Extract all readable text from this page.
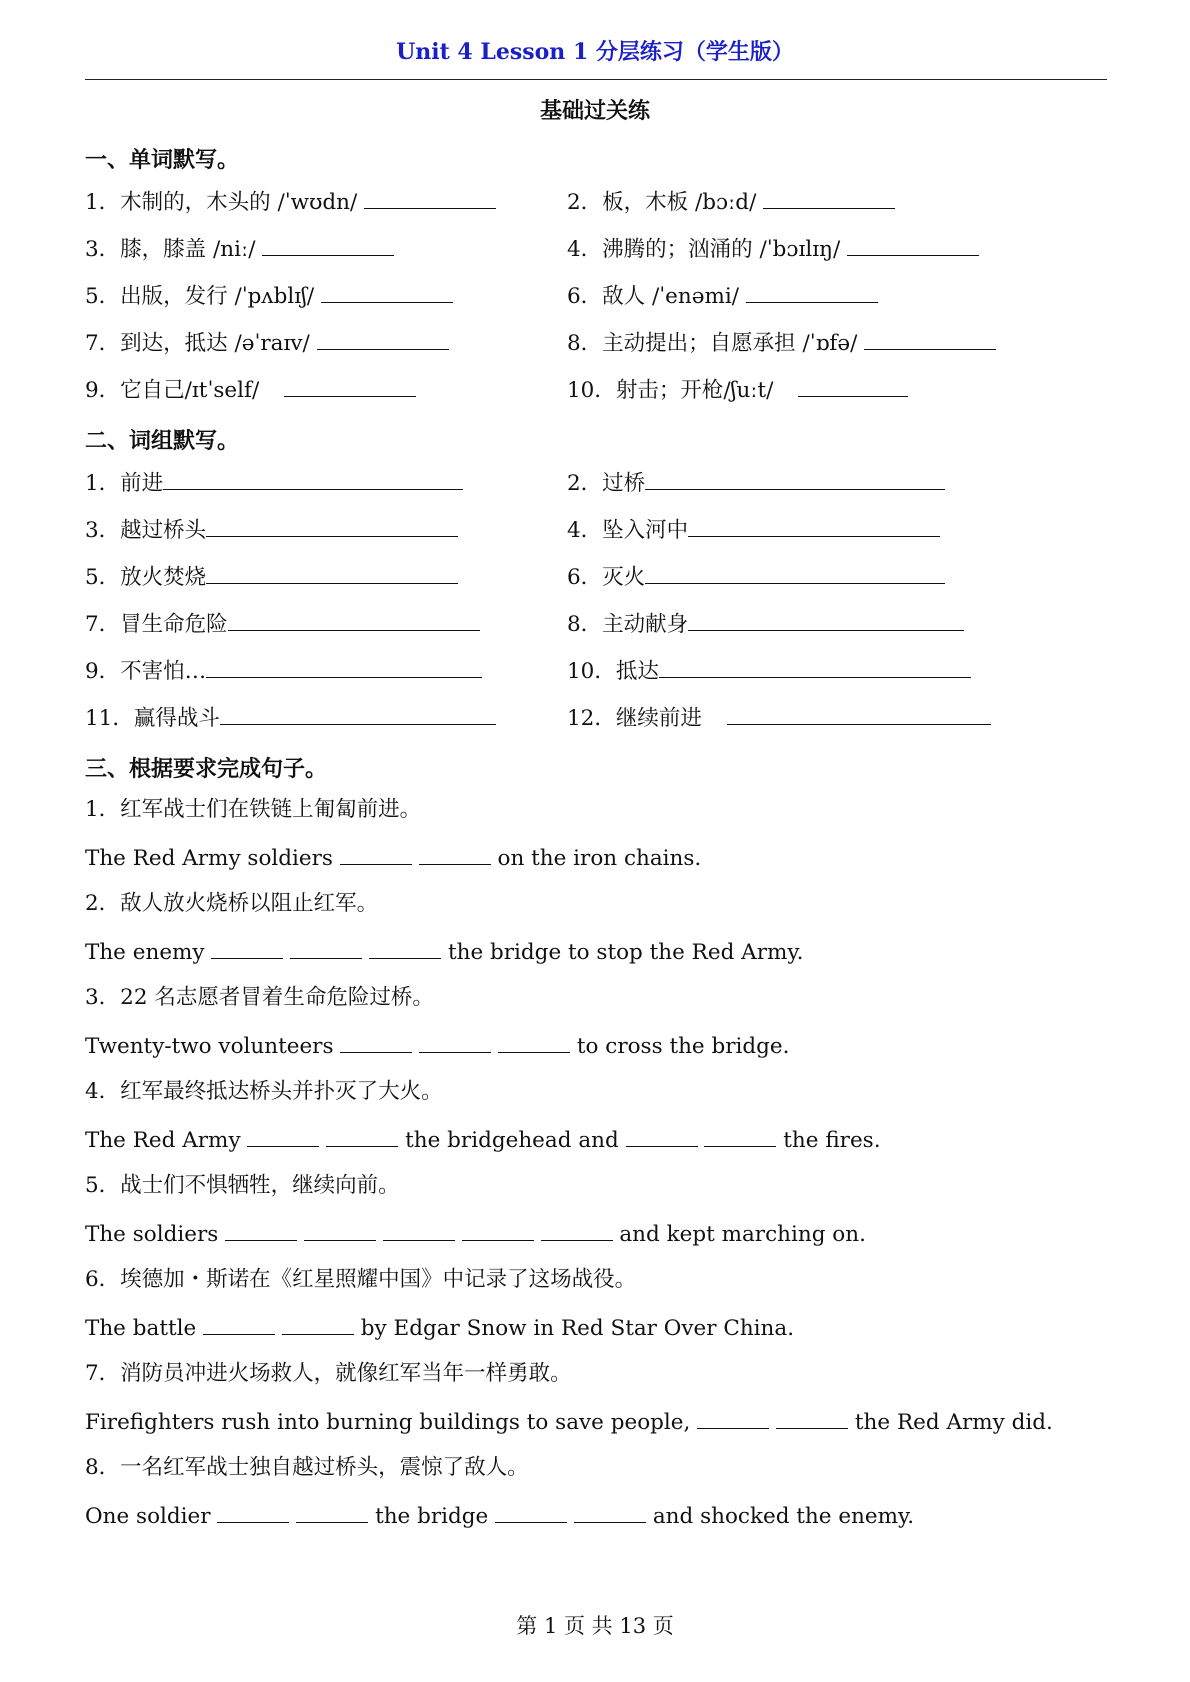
Unit 4 Lesson 1 分层练习（学生版）
基础过关练
一、单词默写。
1．木制的，木头的 /ˈwʊdn/	2．板，木板 /bɔːd/
3．膝，膝盖 /niː/	4．沸腾的；汹涌的 /ˈbɔɪlɪŋ/
5．出版，发行 /ˈpʌblɪʃ/	6．敌人 /ˈenəmi/
7．到达，抵达 /əˈraɪv/	8．主动提出；自愿承担 /ˈɒfə/
9．它自己/ɪtˈself/	10．射击；开枪/ʃuːt/
二、词组默写。
1．前进	2．过桥
3．越过桥头	4．坠入河中
5．放火焚烧	6．灭火
7．冒生命危险	8．主动献身
9．不害怕…	10．抵达
11．赢得战斗	12．继续前进
三、根据要求完成句子。
1．红军战士们在铁链上匍匐前进。
The Red Army soldiers	on the iron chains.
2．敌人放火烧桥以阻止红军。
The enemy	the bridge to stop the Red Army.
3．22 名志愿者冒着生命危险过桥。
Twenty-two volunteers	to cross the bridge.
4．红军最终抵达桥头并扑灭了大火。
The Red Army	the bridgehead and	the fires.
5．战士们不惧牺牲，继续向前。
The soldiers	and kept marching on.
6．埃德加・斯诺在《红星照耀中国》中记录了这场战役。
The battle	by Edgar Snow in Red Star Over China.
7．消防员冲进火场救人，就像红军当年一样勇敢。
Firefighters rush into burning buildings to save people,	the Red Army did.
8．一名红军战士独自越过桥头，震惊了敌人。
One soldier	the bridge	and shocked the enemy.
第 1 页 共 13 页
